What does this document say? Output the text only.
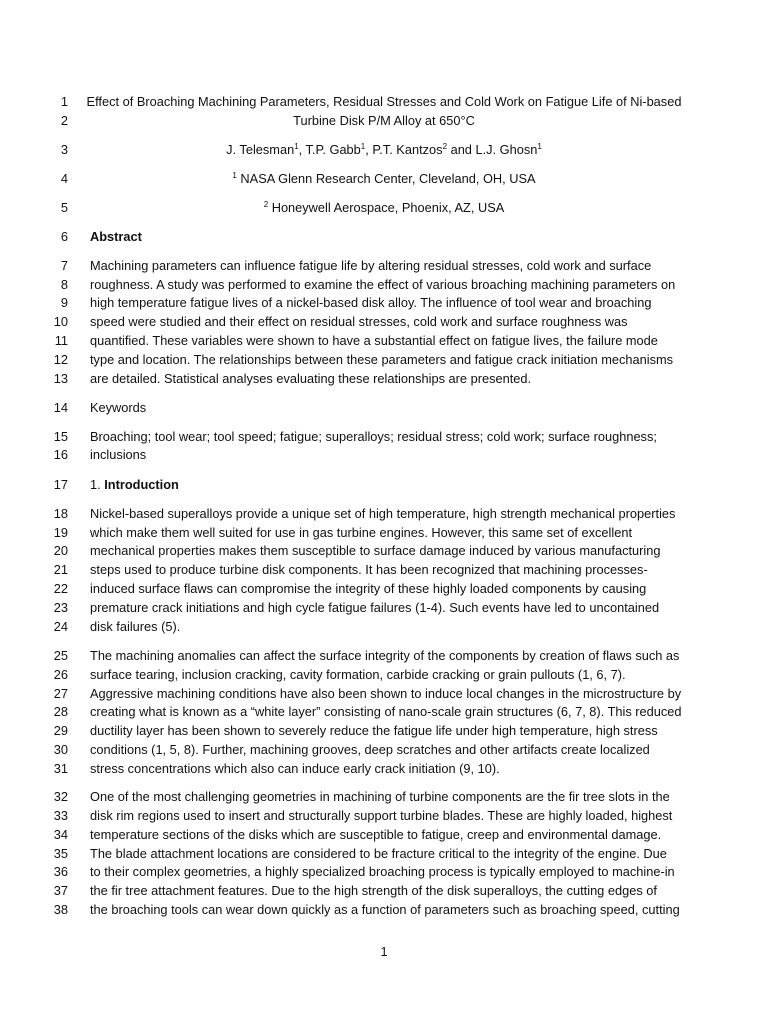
1
2
3
4
5
6
7
8
9
10
11
12
13
14
15
16
17
18
19
20
21
22
23
24
25
26
27
28
29
30
31
32
33
34
35
36
37
38
Effect of Broaching Machining Parameters, Residual Stresses and Cold Work on Fatigue Life of Ni-based
Turbine Disk P/M Alloy at 650°C
J. Telesman$^1$, T.P. Gabb$^1$, P.T. Kantzos$^2$ and L.J. Ghosn$^1$
$^1$ NASA Glenn Research Center, Cleveland, OH, USA
$^2$ Honeywell Aerospace, Phoenix, AZ, USA
Abstract
Machining parameters can influence fatigue life by altering residual stresses, cold work and surface
roughness. A study was performed to examine the effect of various broaching machining parameters on
high temperature fatigue lives of a nickel-based disk alloy. The influence of tool wear and broaching
speed were studied and their effect on residual stresses, cold work and surface roughness was
quantified. These variables were shown to have a substantial effect on fatigue lives, the failure mode
type and location. The relationships between these parameters and fatigue crack initiation mechanisms
are detailed. Statistical analyses evaluating these relationships are presented.
Keywords
Broaching; tool wear; tool speed; fatigue; superalloys; residual stress; cold work; surface roughness;
inclusions
1. Introduction
Nickel-based superalloys provide a unique set of high temperature, high strength mechanical properties
which make them well suited for use in gas turbine engines. However, this same set of excellent
mechanical properties makes them susceptible to surface damage induced by various manufacturing
steps used to produce turbine disk components. It has been recognized that machining processes-
induced surface flaws can compromise the integrity of these highly loaded components by causing
premature crack initiations and high cycle fatigue failures (1-4). Such events have led to uncontained
disk failures (5).
The machining anomalies can affect the surface integrity of the components by creation of flaws such as
surface tearing, inclusion cracking, cavity formation, carbide cracking or grain pullouts (1, 6, 7).
Aggressive machining conditions have also been shown to induce local changes in the microstructure by
creating what is known as a “white layer” consisting of nano-scale grain structures (6, 7, 8). This reduced
ductility layer has been shown to severely reduce the fatigue life under high temperature, high stress
conditions (1, 5, 8). Further, machining grooves, deep scratches and other artifacts create localized
stress concentrations which also can induce early crack initiation (9, 10).
One of the most challenging geometries in machining of turbine components are the fir tree slots in the
disk rim regions used to insert and structurally support turbine blades. These are highly loaded, highest
temperature sections of the disks which are susceptible to fatigue, creep and environmental damage.
The blade attachment locations are considered to be fracture critical to the integrity of the engine. Due
to their complex geometries, a highly specialized broaching process is typically employed to machine-in
the fir tree attachment features. Due to the high strength of the disk superalloys, the cutting edges of
the broaching tools can wear down quickly as a function of parameters such as broaching speed, cutting
1
